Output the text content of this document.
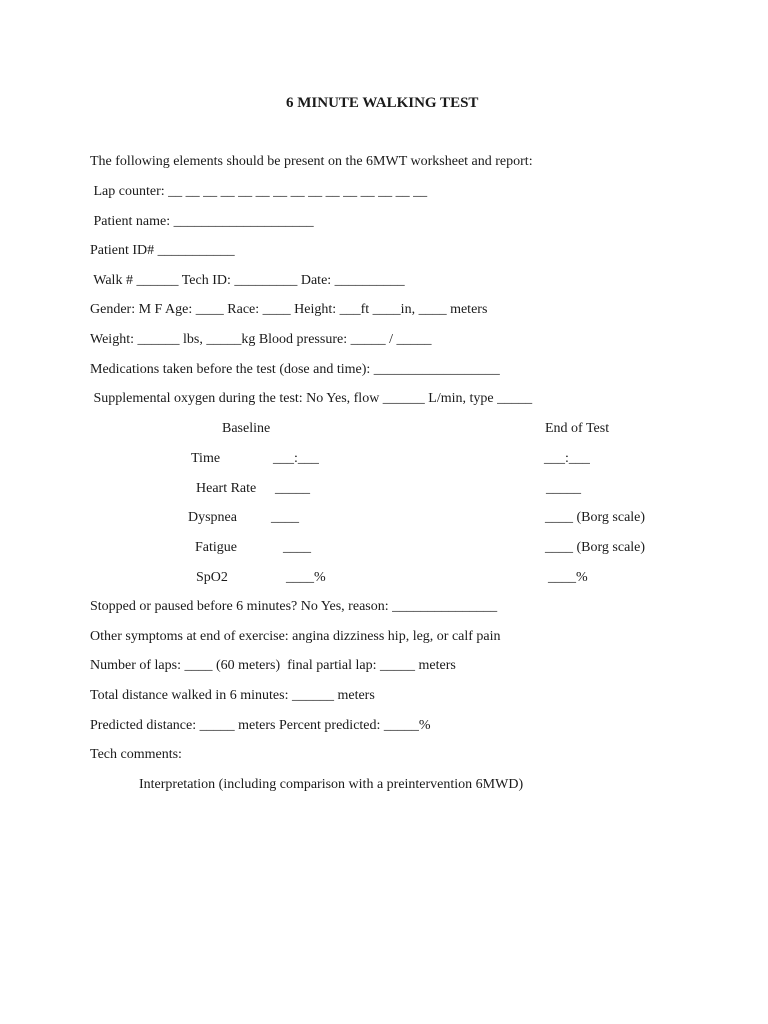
6 MINUTE WALKING TEST
The following elements should be present on the 6MWT worksheet and report:
Lap counter: __ __ __ __ __ __ __ __ __ __ __ __ __ __ __
Patient name: ____________________
Patient ID# ___________
Walk # ______ Tech ID: _________ Date: __________
Gender: M F Age: ____ Race: ____ Height: ___ft ____in, ____ meters
Weight: ______ lbs, _____kg Blood pressure: _____ / _____
Medications taken before the test (dose and time): __________________
Supplemental oxygen during the test: No Yes, flow ______ L/min, type _____
Baseline	End of Test
Time	___:___	___:___
Heart Rate _____	_____
Dyspnea ____	____ (Borg scale)
Fatigue	____	____ (Borg scale)
SpO2	____%	____%
Stopped or paused before 6 minutes? No Yes, reason: _______________
Other symptoms at end of exercise: angina dizziness hip, leg, or calf pain
Number of laps: ____ (60 meters)  final partial lap: _____ meters
Total distance walked in 6 minutes: ______ meters
Predicted distance: _____ meters Percent predicted: _____%
Tech comments:
Interpretation (including comparison with a preintervention 6MWD)
